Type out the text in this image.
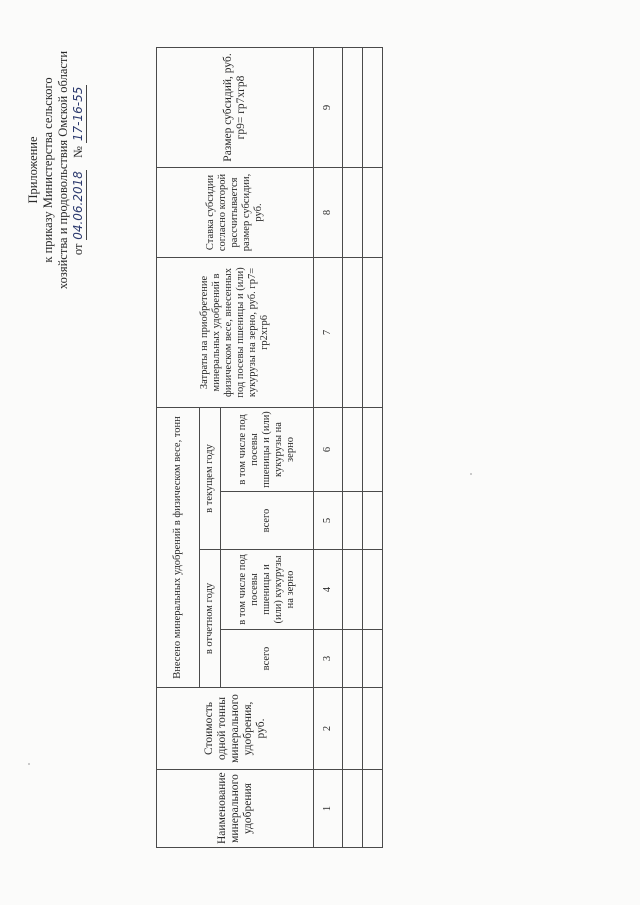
Приложение к приказу Министерства сельского хозяйства и продовольствия Омской области от 04.06.2018    № 17-16-55
Наименование минерального удобрения	Стоимость одной тонны минерального удобрения, руб.	Внесено минеральных удобрений в физическом весе, тонн				Затраты на приобретение минеральных удобрений в физическом весе, внесенных под посевы пшеницы и (или) кукурузы на зерно, руб. гр7= гр2хгр6	Ставка субсидии согласно которой рассчитывается размер субсидии, руб.	Размер субсидий, руб. гр9= гр7хгр8
		в отчетном году		в текущем году				
		всего	в том числе под посевы пшеницы и (или) кукурузы на зерно	всего	в том числе под посевы пшеницы и (или) кукурузы на зерно			
1	2	3	4	5	6	7	8	9
